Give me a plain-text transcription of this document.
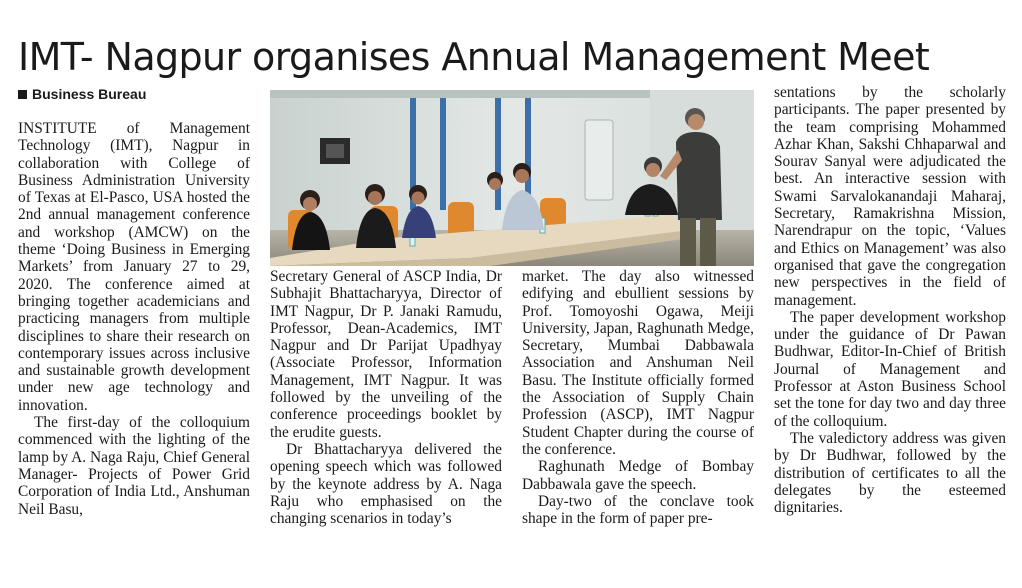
IMT- Nagpur organises Annual Management Meet
Business Bureau

INSTITUTE of Management Technology (IMT), Nagpur in collaboration with College of Business Administration University of Texas at El-Pasco, USA hosted the 2nd annual management conference and workshop (AMCW) on the theme ‘Doing Business in Emerging Markets’ from January 27 to 29, 2020. The conference aimed at bringing together academicians and practicing managers from multiple disciplines to share their research on contemporary issues across inclusive and sustainable growth development under new age technology and innovation.

The first-day of the colloquium commenced with the lighting of the lamp by A. Naga Raju, Chief General Manager- Projects of Power Grid Corporation of India Ltd., Anshuman Neil Basu,

Secretary General of ASCP India, Dr Subhajit Bhattacharyya, Director of IMT Nagpur, Dr P. Janaki Ramudu, Professor, Dean-Academics, IMT Nagpur and Dr Parijat Upadhyay (Associate Professor, Information Management, IMT Nagpur. It was followed by the unveiling of the conference proceedings booklet by the erudite guests.

Dr Bhattacharyya delivered the opening speech which was followed by the keynote address by A. Naga Raju who emphasised on the changing scenarios in today’s

market. The day also witnessed edifying and ebullient sessions by Prof. Tomoyoshi Ogawa, Meiji University, Japan, Raghunath Medge, Secretary, Mumbai Dabbawala Association and Anshuman Neil Basu. The Institute officially formed the Association of Supply Chain Profession (ASCP), IMT Nagpur Student Chapter during the course of the conference.

Raghunath Medge of Bombay Dabbawala gave the speech.

Day-two of the conclave took shape in the form of paper pre-

sentations by the scholarly participants. The paper presented by the team comprising Mohammed Azhar Khan, Sakshi Chhaparwal and Sourav Sanyal were adjudicated the best. An interactive session with Swami Sarvalokanandaji Maharaj, Secretary, Ramakrishna Mission, Narendrapur on the topic, ‘Values and Ethics on Management’ was also organised that gave the congregation new perspectives in the field of management.

The paper development workshop under the guidance of Dr Pawan Budhwar, Editor-In-Chief of British Journal of Management and Professor at Aston Business School set the tone for day two and day three of the colloquium.

The valedictory address was given by Dr Budhwar, followed by the distribution of certificates to all the delegates by the esteemed dignitaries.
